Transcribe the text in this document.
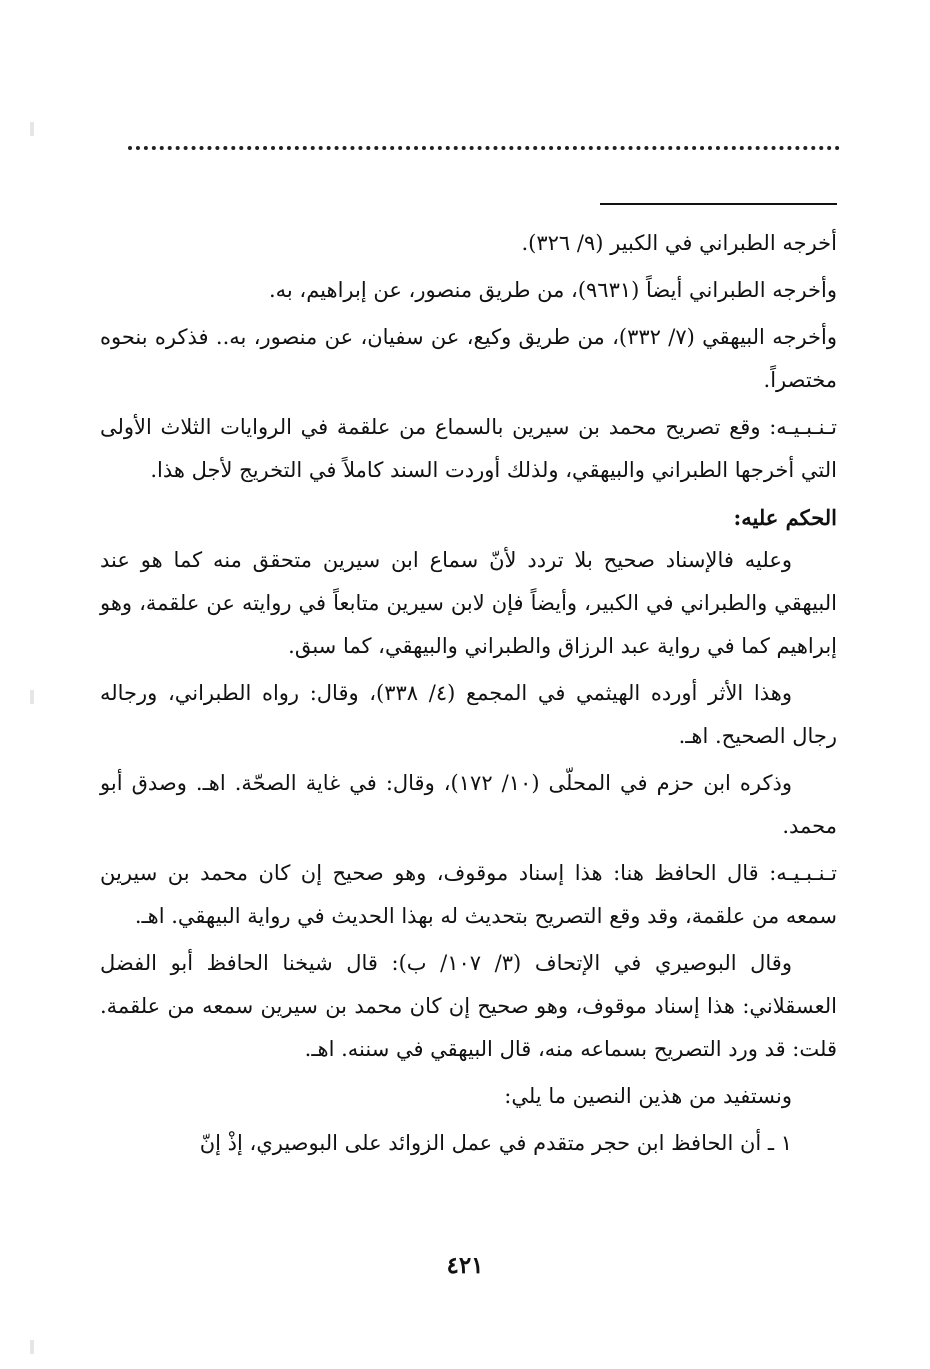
أخرجه الطبراني في الكبير (٩/ ٣٢٦).

وأخرجه الطبراني أيضاً (٩٦٣١)، من طريق منصور، عن إبراهيم، به.

وأخرجه البيهقي (٧/ ٣٣٢)، من طريق وكيع، عن سفيان، عن منصور، به.. فذكره بنحوه مختصراً.

تـنـبـيـه: وقع تصريح محمد بن سيرين بالسماع من علقمة في الروايات الثلاث الأولى التي أخرجها الطبراني والبيهقي، ولذلك أوردت السند كاملاً في التخريج لأجل هذا.

الحكم عليه:

وعليه فالإسناد صحيح بلا تردد لأنّ سماع ابن سيرين متحقق منه كما هو عند البيهقي والطبراني في الكبير، وأيضاً فإن لابن سيرين متابعاً في روايته عن علقمة، وهو إبراهيم كما في رواية عبد الرزاق والطبراني والبيهقي، كما سبق.

وهذا الأثر أورده الهيثمي في المجمع (٤/ ٣٣٨)، وقال: رواه الطبراني، ورجاله رجال الصحيح. اهـ.

وذكره ابن حزم في المحلّى (١٠/ ١٧٢)، وقال: في غاية الصحّة. اهـ. وصدق أبو محمد.

تـنـبـيـه: قال الحافظ هنا: هذا إسناد موقوف، وهو صحيح إن كان محمد بن سيرين سمعه من علقمة، وقد وقع التصريح بتحديث له بهذا الحديث في رواية البيهقي. اهـ.

وقال البوصيري في الإتحاف (٣/ ١٠٧/ ب): قال شيخنا الحافظ أبو الفضل العسقلاني: هذا إسناد موقوف، وهو صحيح إن كان محمد بن سيرين سمعه من علقمة. قلت: قد ورد التصريح بسماعه منه، قال البيهقي في سننه. اهـ.

ونستفيد من هذين النصين ما يلي:

١ ـ أن الحافظ ابن حجر متقدم في عمل الزوائد على البوصيري، إذْ إنّ

٤٢١
